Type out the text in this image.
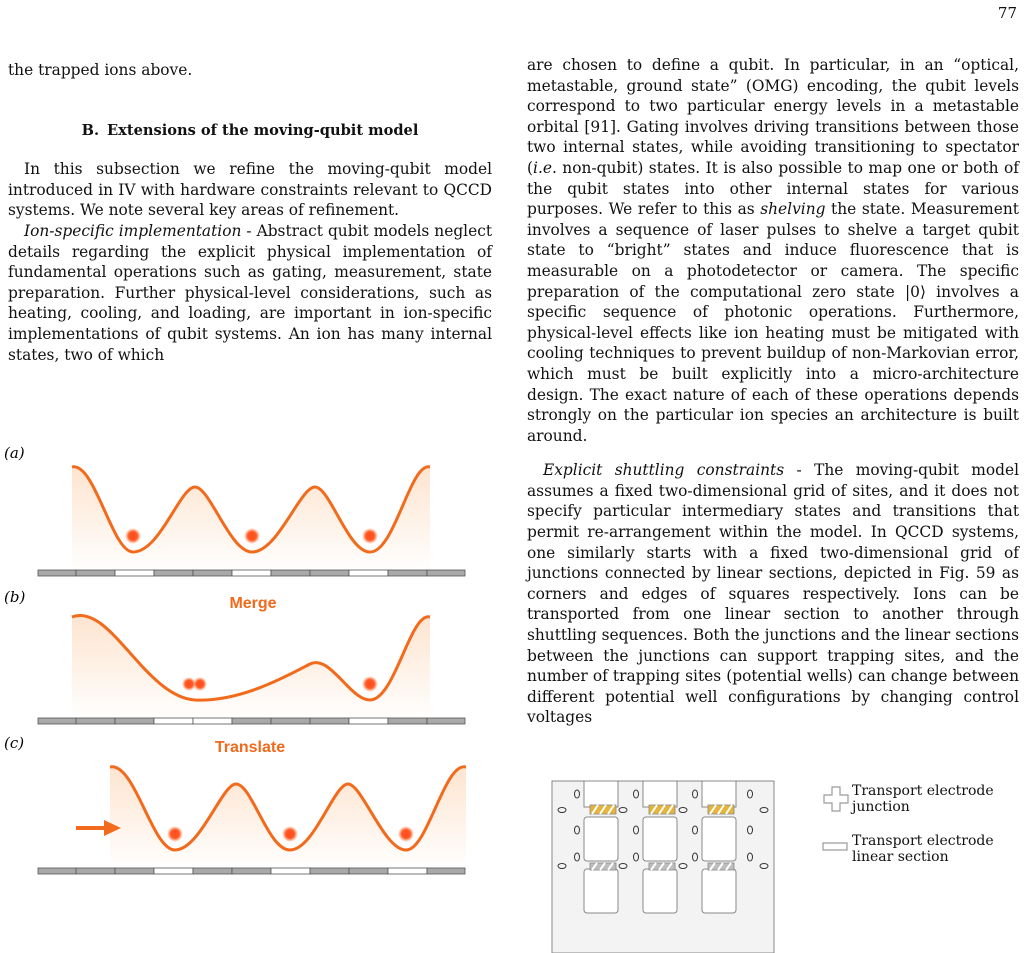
77

the trapped ions above.

B. Extensions of the moving-qubit model

In this subsection we refine the moving-qubit model introduced in IV with hardware constraints relevant to QCCD systems. We note several key areas of refinement.

Ion-specific implementation - Abstract qubit models neglect details regarding the explicit physical implementation of fundamental operations such as gating, measurement, state preparation. Further physical-level considerations, such as heating, cooling, and loading, are important in ion-specific implementations of qubit systems. An ion has many internal states, two of which

(a)
(b)	Merge
(c)	Translate

are chosen to define a qubit. In particular, in an “optical, metastable, ground state” (OMG) encoding, the qubit levels correspond to two particular energy levels in a metastable orbital [91]. Gating involves driving transitions between those two internal states, while avoiding transitioning to spectator (i.e. non-qubit) states. It is also possible to map one or both of the qubit states into other internal states for various purposes. We refer to this as shelving the state. Measurement involves a sequence of laser pulses to shelve a target qubit state to “bright” states and induce fluorescence that is measurable on a photodetector or camera. The specific preparation of the computational zero state |0⟩ involves a specific sequence of photonic operations. Furthermore, physical-level effects like ion heating must be mitigated with cooling techniques to prevent buildup of non-Markovian error, which must be built explicitly into a micro-architecture design. The exact nature of each of these operations depends strongly on the particular ion species an architecture is built around.

Explicit shuttling constraints - The moving-qubit model assumes a fixed two-dimensional grid of sites, and it does not specify particular intermediary states and transitions that permit re-arrangement within the model. In QCCD systems, one similarly starts with a fixed two-dimensional grid of junctions connected by linear sections, depicted in Fig. 59 as corners and edges of squares respectively. Ions can be transported from one linear section to another through shuttling sequences. Both the junctions and the linear sections between the junctions can support trapping sites, and the number of trapping sites (potential wells) can change between different potential well configurations by changing control voltages

Transport electrode
junction
Transport electrode
linear section
